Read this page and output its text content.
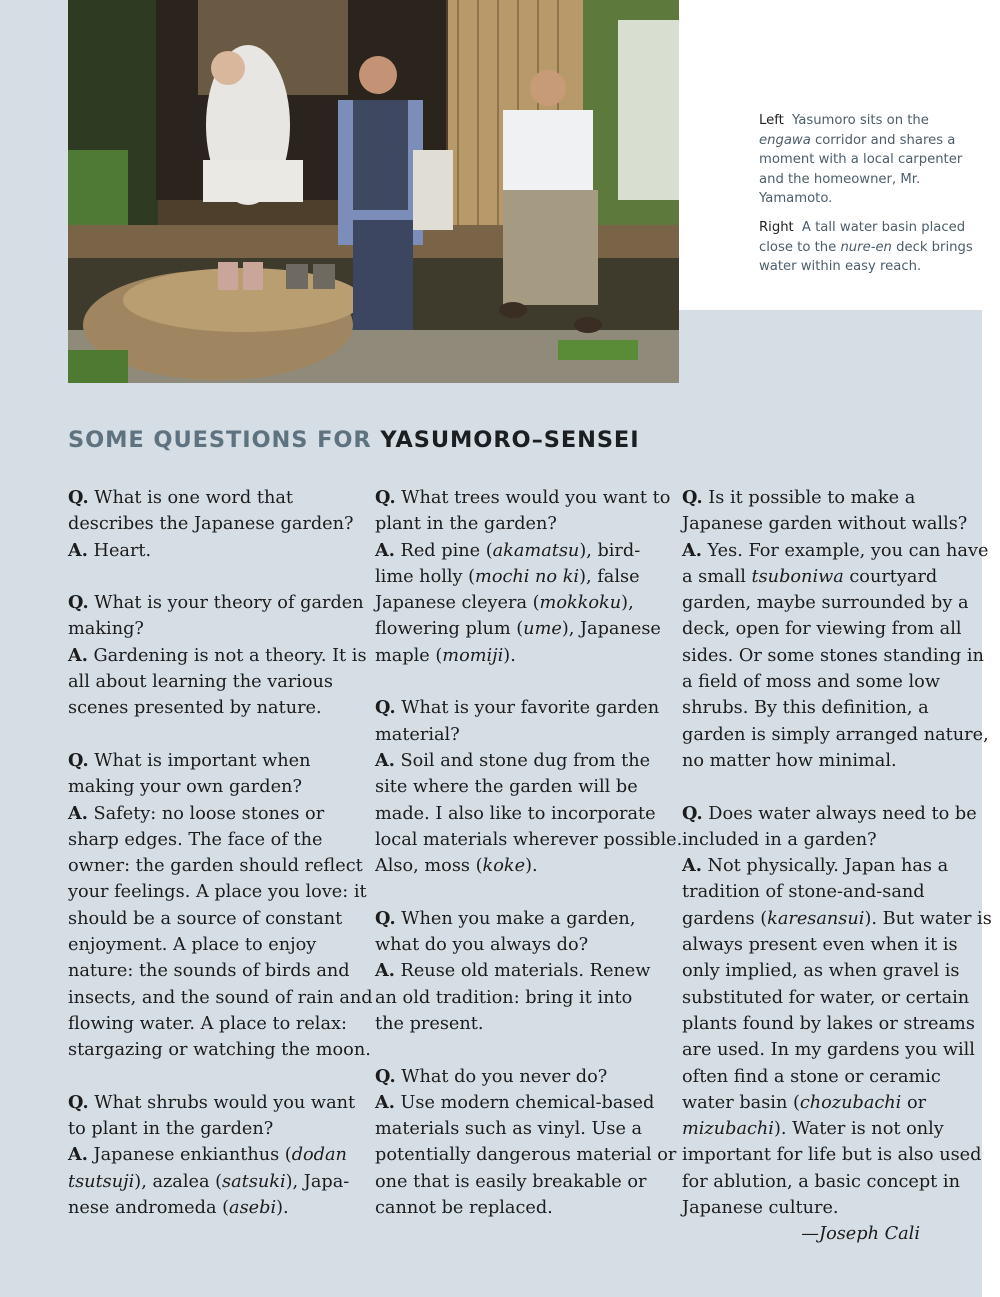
Left Yasumoro sits on the engawa corridor and shares a moment with a local carpenter and the homeowner, Mr. Yamamoto.

Right A tall water basin placed close to the nure-en deck brings water within easy reach.

SOME QUESTIONS FOR YASUMORO–SENSEI
Q. What is one word that
describes the Japanese garden?
A. Heart.
Q. What is your theory of garden
making?
A. Gardening is not a theory. It is
all about learning the various
scenes presented by nature.
Q. What is important when
making your own garden?
A. Safety: no loose stones or
sharp edges. The face of the
owner: the garden should reflect
your feelings. A place you love: it
should be a source of constant
enjoyment. A place to enjoy
nature: the sounds of birds and
insects, and the sound of rain and
flowing water. A place to relax:
stargazing or watching the moon.
Q. What shrubs would you want
to plant in the garden?
A. Japanese enkianthus (dodan
tsutsuji), azalea (satsuki), Japa-
nese andromeda (asebi).
Q. What trees would you want to
plant in the garden?
A. Red pine (akamatsu), bird-
lime holly (mochi no ki), false
Japanese cleyera (mokkoku),
flowering plum (ume), Japanese
maple (momiji).
Q. What is your favorite garden
material?
A. Soil and stone dug from the
site where the garden will be
made. I also like to incorporate
local materials wherever possible.
Also, moss (koke).
Q. When you make a garden,
what do you always do?
A. Reuse old materials. Renew
an old tradition: bring it into
the present.
Q. What do you never do?
A. Use modern chemical-based
materials such as vinyl. Use a
potentially dangerous material or
one that is easily breakable or
cannot be replaced.
Q. Is it possible to make a
Japanese garden without walls?
A. Yes. For example, you can have
a small tsuboniwa courtyard
garden, maybe surrounded by a
deck, open for viewing from all
sides. Or some stones standing in
a field of moss and some low
shrubs. By this definition, a
garden is simply arranged nature,
no matter how minimal.
Q. Does water always need to be
included in a garden?
A. Not physically. Japan has a
tradition of stone-and-sand
gardens (karesansui). But water is
always present even when it is
only implied, as when gravel is
substituted for water, or certain
plants found by lakes or streams
are used. In my gardens you will
often find a stone or ceramic
water basin (chozubachi or
mizubachi). Water is not only
important for life but is also used
for ablution, a basic concept in
Japanese culture.
—Joseph Cali
